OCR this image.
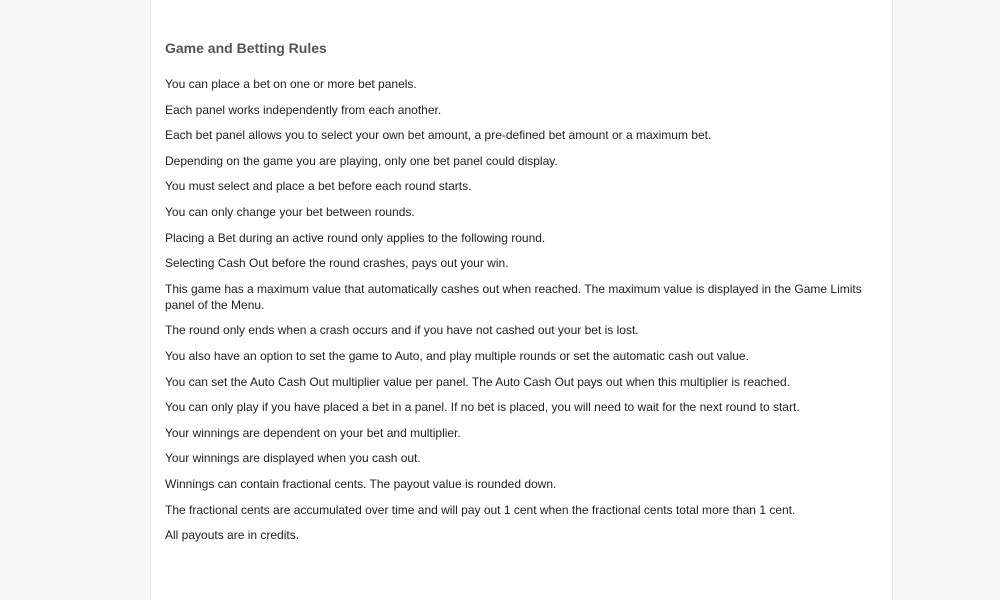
Game and Betting Rules

You can place a bet on one or more bet panels.

Each panel works independently from each another.

Each bet panel allows you to select your own bet amount, a pre-defined bet amount or a maximum bet.

Depending on the game you are playing, only one bet panel could display.

You must select and place a bet before each round starts.

You can only change your bet between rounds.

Placing a Bet during an active round only applies to the following round.

Selecting Cash Out before the round crashes, pays out your win.

This game has a maximum value that automatically cashes out when reached. The maximum value is displayed in the Game Limits panel of the Menu.

The round only ends when a crash occurs and if you have not cashed out your bet is lost.

You also have an option to set the game to Auto, and play multiple rounds or set the automatic cash out value.

You can set the Auto Cash Out multiplier value per panel. The Auto Cash Out pays out when this multiplier is reached.

You can only play if you have placed a bet in a panel. If no bet is placed, you will need to wait for the next round to start.

Your winnings are dependent on your bet and multiplier.

Your winnings are displayed when you cash out.

Winnings can contain fractional cents. The payout value is rounded down.

The fractional cents are accumulated over time and will pay out 1 cent when the fractional cents total more than 1 cent.

All payouts are in credits.
